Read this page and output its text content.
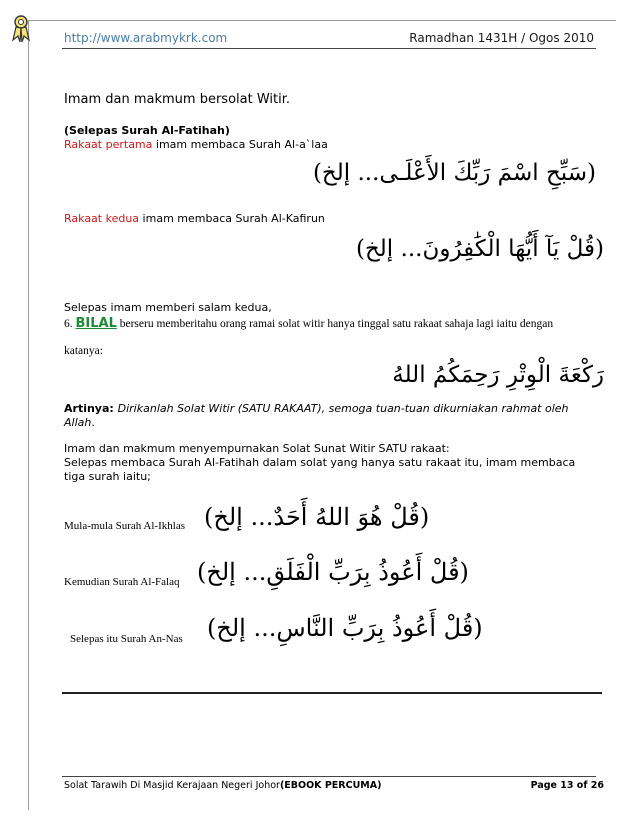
http://www.arabmykrk.com	Ramadhan 1431H / Ogos 2010
Imam dan makmum bersolat Witir.
(Selepas Surah Al-Fatihah)
Rakaat pertama imam membaca Surah Al-a`laa
(سَبِّحِ اسْمَ رَبِّكَ الأَعْلَـى... إلخ)
Rakaat kedua imam membaca Surah Al-Kafirun
(قُلْ يَآ أَيُّهَا الْكَٰفِرُونَ... إلخ)
Selepas imam memberi salam kedua,
6. BILAL berseru memberitahu orang ramai solat witir hanya tinggal satu rakaat sahaja lagi iaitu dengan
katanya:
رَكْعَةَ الْوِتْرِ رَحِمَكُمُ اللهُ
Artinya: Dirikanlah Solat Witir (SATU RAKAAT), semoga tuan-tuan dikurniakan rahmat oleh
Allah.
Imam dan makmum menyempurnakan Solat Sunat Witir SATU rakaat:
Selepas membaca Surah Al-Fatihah dalam solat yang hanya satu rakaat itu, imam membaca
tiga surah iaitu;
Mula-mula Surah Al-Ikhlas (قُلْ هُوَ اللهُ أَحَدٌ... إلخ)
Kemudian Surah Al-Falaq (قُلْ أَعُوذُ بِرَبِّ الْفَلَقِ... إلخ)
Selepas itu Surah An-Nas (قُلْ أَعُوذُ بِرَبِّ النَّاسِ... إلخ)
Solat Tarawih Di Masjid Kerajaan Negeri Johor(EBOOK PERCUMA)	Page 13 of 26
